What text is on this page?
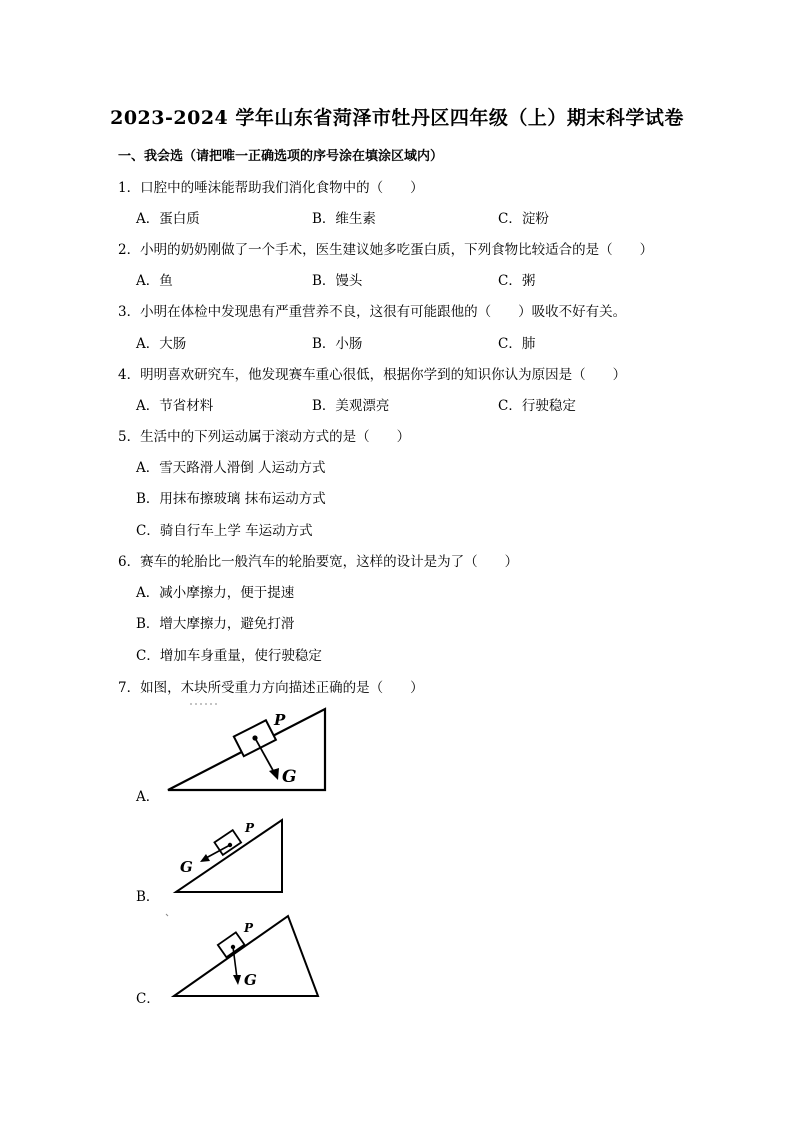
2023-2024 学年山东省菏泽市牡丹区四年级（上）期末科学试卷
一、我会选（请把唯一正确选项的序号涂在填涂区域内）
1．口腔中的唾沫能帮助我们消化食物中的（　　）
A．蛋白质	B．维生素	C．淀粉
2．小明的奶奶刚做了一个手术，医生建议她多吃蛋白质，下列食物比较适合的是（　　）
A．鱼	B．馒头	C．粥
3．小明在体检中发现患有严重营养不良，这很有可能跟他的（　　）吸收不好有关。
A．大肠	B．小肠	C．肺
4．明明喜欢研究车，他发现赛车重心很低，根据你学到的知识你认为原因是（　　）
A．节省材料	B．美观漂亮	C．行驶稳定
5．生活中的下列运动属于滚动方式的是（　　）
A．雪天路滑人滑倒 人运动方式
B．用抹布擦玻璃 抹布运动方式
C．骑自行车上学 车运动方式
6．赛车的轮胎比一般汽车的轮胎要宽，这样的设计是为了（　　）
A．减小摩擦力，便于提速
B．增大摩擦力，避免打滑
C．增加车身重量，使行驶稳定
7．如图，木块所受重力方向描述正确的是（　　）
A．
P
G
B．
P
G
C．
P
G
